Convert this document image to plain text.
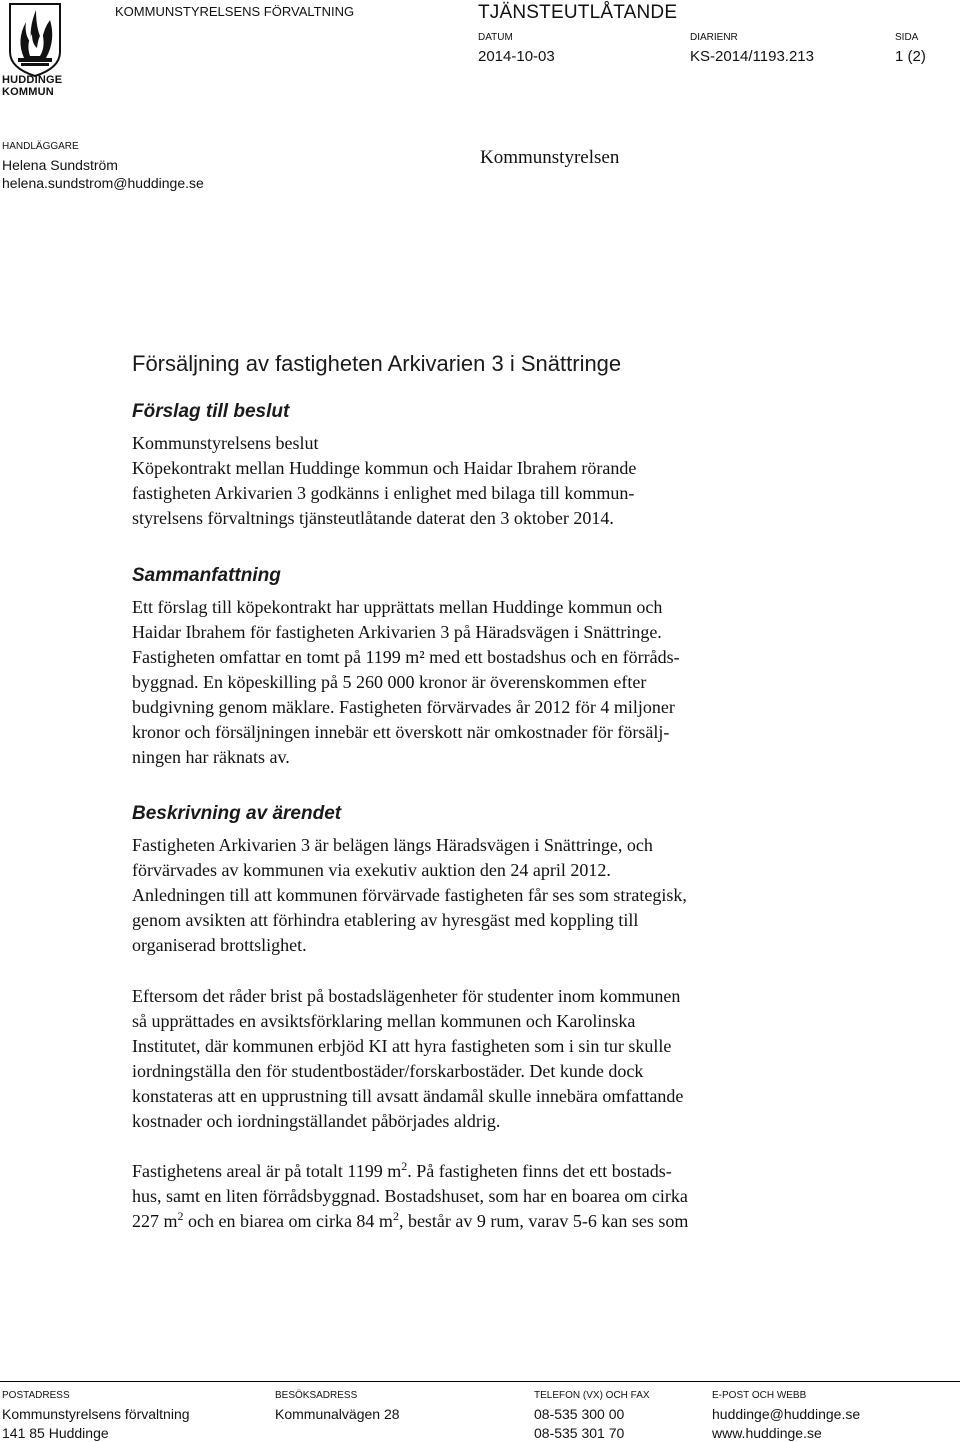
HUDDINGE
KOMMUN
KOMMUNSTYRELSENS FÖRVALTNING	TJÄNSTEUTLÅTANDE
DATUM
2014-10-03
DIARIENR
KS-2014/1193.213
SIDA
1 (2)
HANDLÄGGARE
Helena Sundström
helena.sundstrom@huddinge.se
Kommunstyrelsen
Försäljning av fastigheten Arkivarien 3 i Snättringe
Förslag till beslut

Kommunstyrelsens beslut

Köpekontrakt mellan Huddinge kommun och Haidar Ibrahem rörande

fastigheten Arkivarien 3 godkänns i enlighet med bilaga till kommun-

styrelsens förvaltnings tjänsteutlåtande daterat den 3 oktober 2014.

Sammanfattning

Ett förslag till köpekontrakt har upprättats mellan Huddinge kommun och

Haidar Ibrahem för fastigheten Arkivarien 3 på Häradsvägen i Snättringe.

Fastigheten omfattar en tomt på 1199 m² med ett bostadshus och en förråds-

byggnad. En köpeskilling på 5 260 000 kronor är överenskommen efter

budgivning genom mäklare. Fastigheten förvärvades år 2012 för 4 miljoner

kronor och försäljningen innebär ett överskott när omkostnader för försälj-

ningen har räknats av.

Beskrivning av ärendet

Fastigheten Arkivarien 3 är belägen längs Häradsvägen i Snättringe, och

förvärvades av kommunen via exekutiv auktion den 24 april 2012.

Anledningen till att kommunen förvärvade fastigheten får ses som strategisk,

genom avsikten att förhindra etablering av hyresgäst med koppling till

organiserad brottslighet.

Eftersom det råder brist på bostadslägenheter för studenter inom kommunen

så upprättades en avsiktsförklaring mellan kommunen och Karolinska

Institutet, där kommunen erbjöd KI att hyra fastigheten som i sin tur skulle

iordningställa den för studentbostäder/forskarbostäder. Det kunde dock

konstateras att en upprustning till avsatt ändamål skulle innebära omfattande

kostnader och iordningställandet påbörjades aldrig.

Fastighetens areal är på totalt 1199 $m^2$. På fastigheten finns det ett bostads-

hus, samt en liten förrådsbyggnad. Bostadshuset, som har en boarea om cirka

227 $m^2$ och en biarea om cirka 84 $m^2$, består av 9 rum, varav 5-6 kan ses som

POSTADRESS
Kommunstyrelsens förvaltning
141 85 Huddinge
BESÖKSADRESS
Kommunalvägen 28
TELEFON (VX) OCH FAX
08-535 300 00
08-535 301 70
E-POST OCH WEBB
huddinge@huddinge.se
www.huddinge.se
